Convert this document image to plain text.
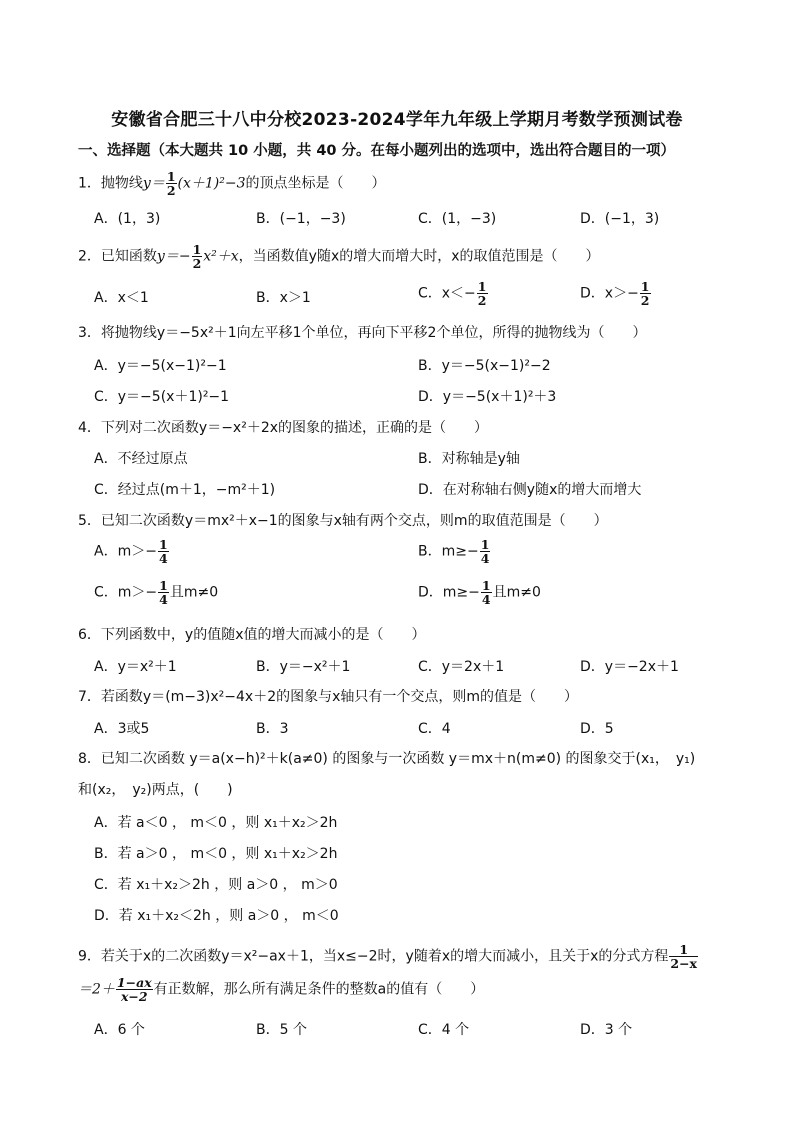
安徽省合肥三十八中分校2023-2024学年九年级上学期月考数学预测试卷
一、选择题（本大题共 10 小题，共 40 分。在每小题列出的选项中，选出符合题目的一项）
1．抛物线$y= \frac{1}{2} (x+1)^2-3$的顶点坐标是（　　）
A．(1，3)	B．(−1，−3)	C．(1，−3)	D．(−1，3)
2．已知函数$y=- \frac{1}{2} x^2+x$，当函数值y随x的增大而增大时，x的取值范围是（　　）
A．x＜1	B．x＞1	C．$x<- \frac{1}{2}$	D．$x>- \frac{1}{2}$
3．将抛物线y＝−5x²＋1向左平移1个单位，再向下平移2个单位，所得的抛物线为（　　）
A．y＝−5(x−1)²−1	B．y＝−5(x−1)²−2
C．y＝−5(x＋1)²−1	D．y＝−5(x＋1)²＋3
4．下列对二次函数y＝−x²＋2x的图象的描述，正确的是（　　）
A．不经过原点	B．对称轴是y轴
C．经过点(m＋1，−m²＋1)	D．在对称轴右侧y随x的增大而增大
5．已知二次函数y＝mx²＋x−1的图象与x轴有两个交点，则m的取值范围是（　　）
A．$m>- \frac{1}{4}$	B．$m\ge- \frac{1}{4}$
C．$m>- \frac{1}{4}$ 且m≠0	D．$m\ge- \frac{1}{4}$ 且m≠0
6．下列函数中，y的值随x值的增大而减小的是（　　）
A．y＝x²＋1	B．y＝−x²＋1	C．y＝2x＋1	D．y＝−2x＋1
7．若函数y＝(m−3)x²−4x＋2的图象与x轴只有一个交点，则m的值是（　　）
A．3或5	B．3	C．4	D．5
8．已知二次函数 y＝a(x−h)²＋k(a≠0) 的图象与一次函数 y＝mx＋n(m≠0) 的图象交于(x₁，　y₁)
和(x₂，　y₂)两点，(　　)
A．若 a＜0 ， m＜0 ，则 x₁＋x₂＞2h
B．若 a＞0 ， m＜0 ，则 x₁＋x₂＞2h
C．若 x₁＋x₂＞2h ，则 a＞0 ， m＞0
D．若 x₁＋x₂＜2h ，则 a＞0 ， m＜0
9．若关于x的二次函数y＝x²−ax＋1，当x≤−2时，y随着x的增大而减小，且关于x的分式方程 $\frac{1}{2-x}$
$=2+ \frac{1-ax}{x-2}$ 有正数解，那么所有满足条件的整数a的值有（　　）
A．6 个	B．5 个	C．4 个	D．3 个
